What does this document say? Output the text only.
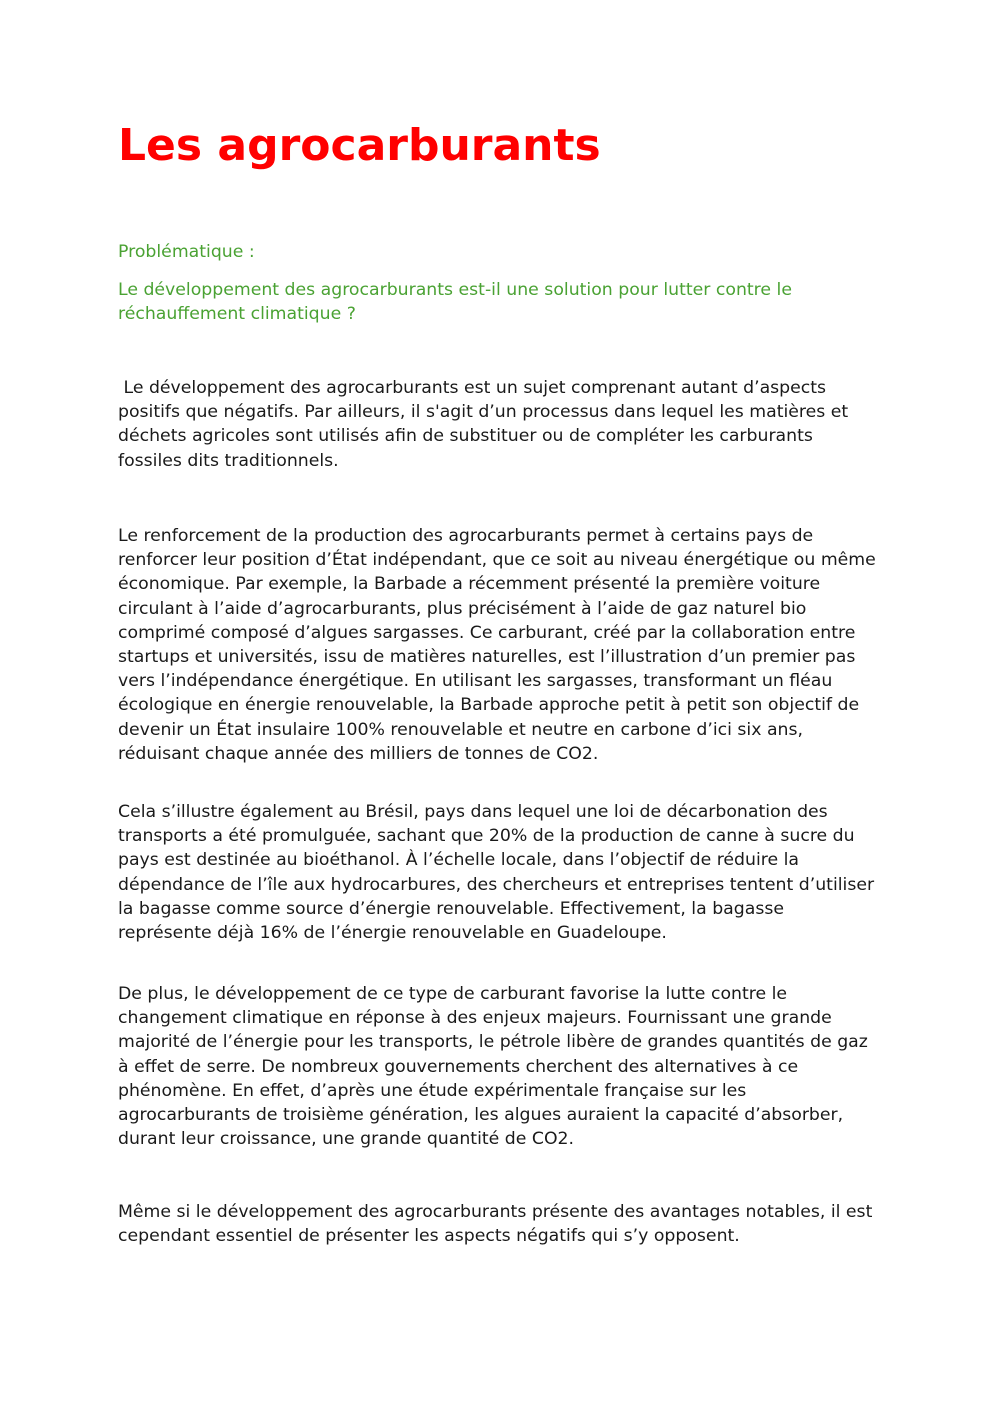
Les agrocarburants

Problématique :

Le développement des agrocarburants est-il une solution pour lutter contre le réchauffement climatique ?

Le développement des agrocarburants est un sujet comprenant autant d’aspects positifs que négatifs. Par ailleurs, il s'agit d’un processus dans lequel les matières et déchets agricoles sont utilisés afin de substituer ou de compléter les carburants fossiles dits traditionnels.

Le renforcement de la production des agrocarburants permet à certains pays de renforcer leur position d’État indépendant, que ce soit au niveau énergétique ou même économique. Par exemple, la Barbade a récemment présenté la première voiture circulant à l’aide d’agrocarburants, plus précisément à l’aide de gaz naturel bio comprimé composé d’algues sargasses. Ce carburant, créé par la collaboration entre startups et universités, issu de matières naturelles, est l’illustration d’un premier pas vers l’indépendance énergétique. En utilisant les sargasses, transformant un fléau écologique en énergie renouvelable, la Barbade approche petit à petit son objectif de devenir un État insulaire 100% renouvelable et neutre en carbone d’ici six ans, réduisant chaque année des milliers de tonnes de CO2.

Cela s’illustre également au Brésil, pays dans lequel une loi de décarbonation des transports a été promulguée, sachant que 20% de la production de canne à sucre du pays est destinée au bioéthanol. À l’échelle locale, dans l’objectif de réduire la dépendance de l’île aux hydrocarbures, des chercheurs et entreprises tentent d’utiliser la bagasse comme source d’énergie renouvelable. Effectivement, la bagasse représente déjà 16% de l’énergie renouvelable en Guadeloupe.

De plus, le développement de ce type de carburant favorise la lutte contre le changement climatique en réponse à des enjeux majeurs. Fournissant une grande majorité de l’énergie pour les transports, le pétrole libère de grandes quantités de gaz à effet de serre. De nombreux gouvernements cherchent des alternatives à ce phénomène. En effet, d’après une étude expérimentale française sur les agrocarburants de troisième génération, les algues auraient la capacité d’absorber, durant leur croissance, une grande quantité de CO2.

Même si le développement des agrocarburants présente des avantages notables, il est cependant essentiel de présenter les aspects négatifs qui s’y opposent.
